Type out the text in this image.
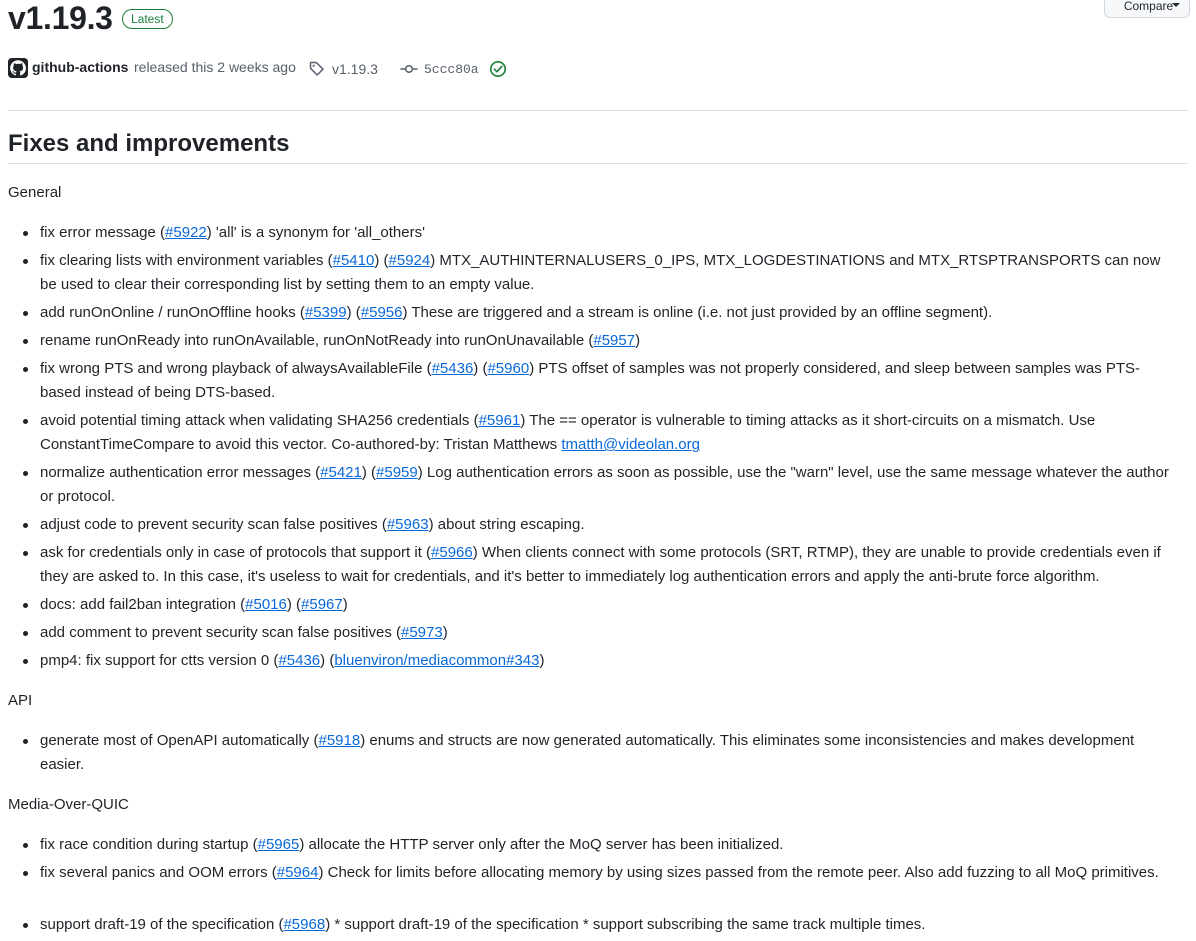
v1.19.3	Latest
Compare
github-actions released this 2 weeks ago	v1.19.3	5ccc80a
Fixes and improvements
General
fix error message (#5922) 'all' is a synonym for 'all_others'
fix clearing lists with environment variables (#5410) (#5924) MTX_AUTHINTERNALUSERS_0_IPS, MTX_LOGDESTINATIONS and MTX_RTSPTRANSPORTS can now be used to clear their corresponding list by setting them to an empty value.
add runOnOnline / runOnOffline hooks (#5399) (#5956) These are triggered and a stream is online (i.e. not just provided by an offline segment).
rename runOnReady into runOnAvailable, runOnNotReady into runOnUnavailable (#5957)
fix wrong PTS and wrong playback of alwaysAvailableFile (#5436) (#5960) PTS offset of samples was not properly considered, and sleep between samples was PTS-based instead of being DTS-based.
avoid potential timing attack when validating SHA256 credentials (#5961) The == operator is vulnerable to timing attacks as it short-circuits on a mismatch. Use ConstantTimeCompare to avoid this vector. Co-authored-by: Tristan Matthews tmatth@videolan.org
normalize authentication error messages (#5421) (#5959) Log authentication errors as soon as possible, use the "warn" level, use the same message whatever the author or protocol.
adjust code to prevent security scan false positives (#5963) about string escaping.
ask for credentials only in case of protocols that support it (#5966) When clients connect with some protocols (SRT, RTMP), they are unable to provide credentials even if they are asked to. In this case, it's useless to wait for credentials, and it's better to immediately log authentication errors and apply the anti-brute force algorithm.
docs: add fail2ban integration (#5016) (#5967)
add comment to prevent security scan false positives (#5973)
pmp4: fix support for ctts version 0 (#5436) (bluenviron/mediacommon#343)
API
generate most of OpenAPI automatically (#5918) enums and structs are now generated automatically. This eliminates some inconsistencies and makes development easier.
Media-Over-QUIC
fix race condition during startup (#5965) allocate the HTTP server only after the MoQ server has been initialized.
fix several panics and OOM errors (#5964) Check for limits before allocating memory by using sizes passed from the remote peer. Also add fuzzing to all MoQ primitives.
support draft-19 of the specification (#5968) * support draft-19 of the specification * support subscribing the same track multiple times.
